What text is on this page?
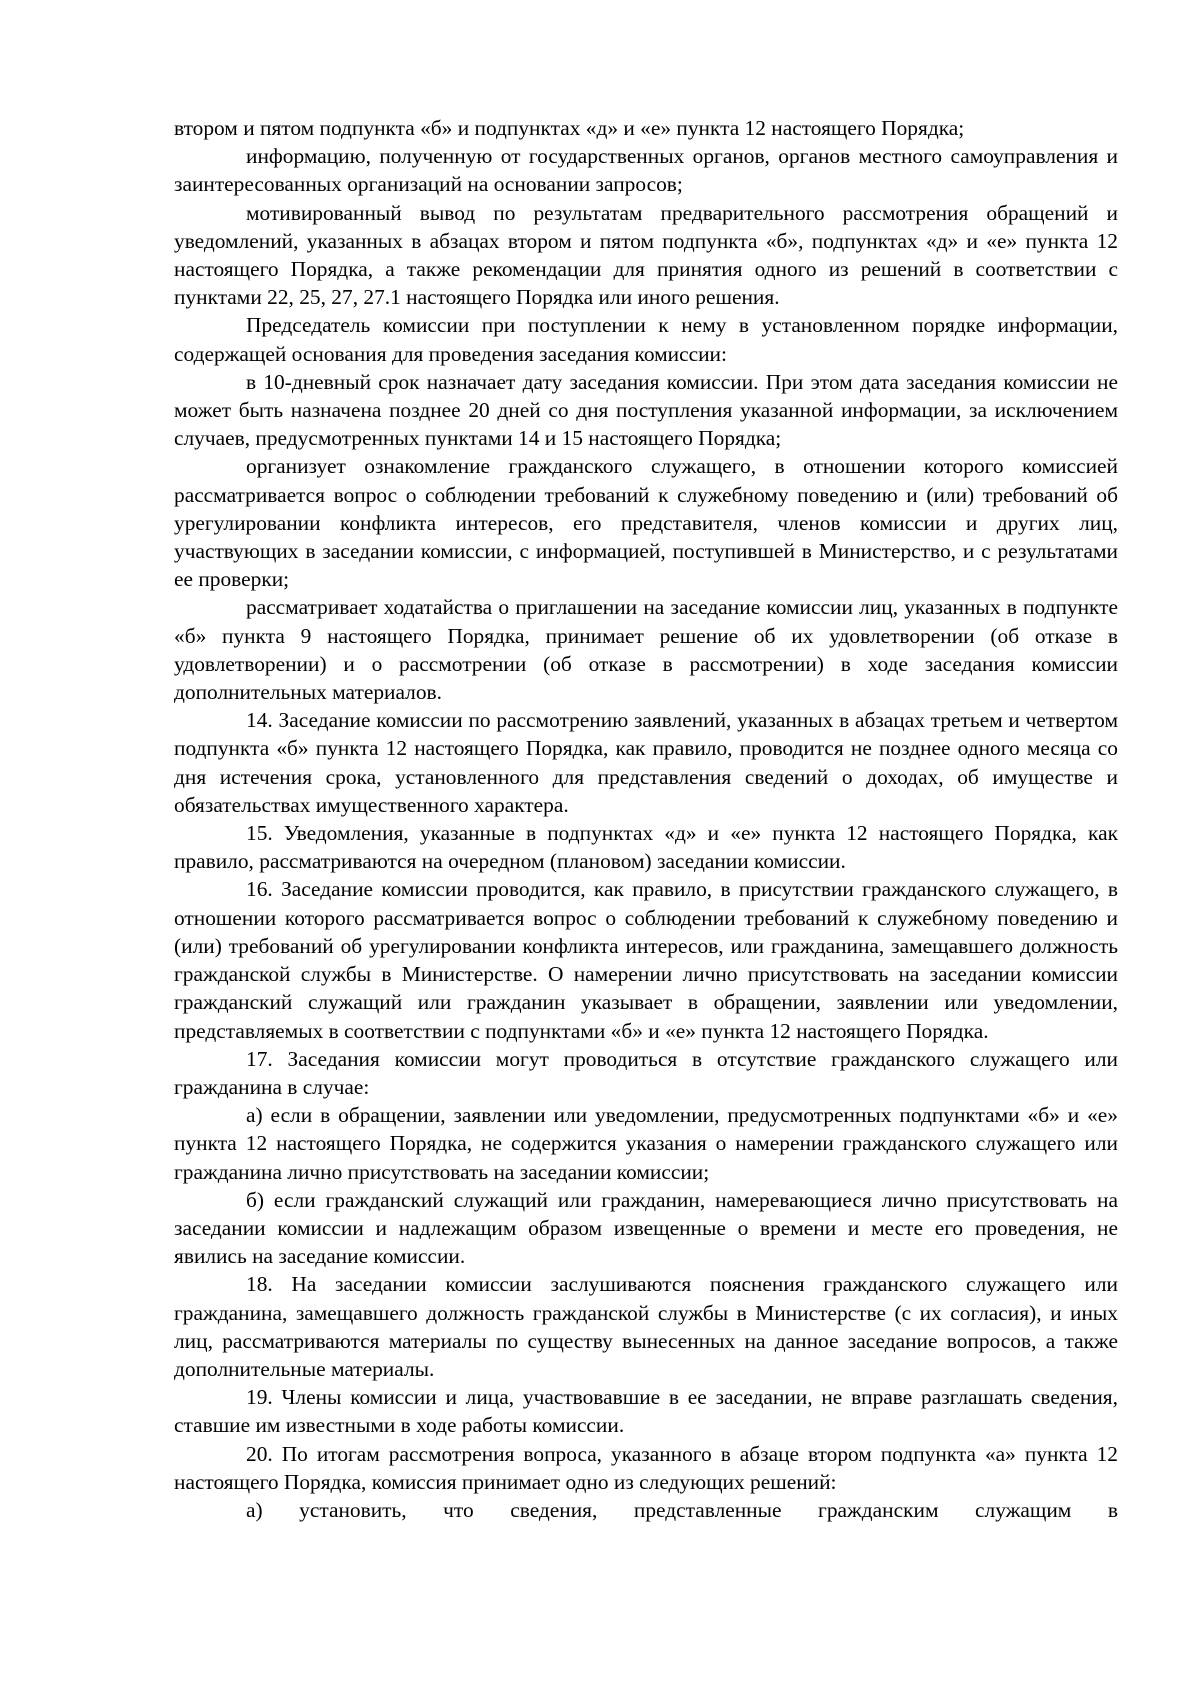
втором и пятом подпункта «б» и подпунктах «д» и «е» пункта 12 настоящего Порядка;

информацию, полученную от государственных органов, органов местного самоуправления и заинтересованных организаций на основании запросов;

мотивированный вывод по результатам предварительного рассмотрения обращений и уведомлений, указанных в абзацах втором и пятом подпункта «б», подпунктах «д» и «е» пункта 12 настоящего Порядка, а также рекомендации для принятия одного из решений в соответствии с пунктами 22, 25, 27, 27.1 настоящего Порядка или иного решения.

Председатель комиссии при поступлении к нему в установленном порядке информации, содержащей основания для проведения заседания комиссии:

в 10-дневный срок назначает дату заседания комиссии. При этом дата заседания комиссии не может быть назначена позднее 20 дней со дня поступления указанной информации, за исключением случаев, предусмотренных пунктами 14 и 15 настоящего Порядка;

организует ознакомление гражданского служащего, в отношении которого комиссией рассматривается вопрос о соблюдении требований к служебному поведению и (или) требований об урегулировании конфликта интересов, его представителя, членов комиссии и других лиц, участвующих в заседании комиссии, с информацией, поступившей в Министерство, и с результатами ее проверки;

рассматривает ходатайства о приглашении на заседание комиссии лиц, указанных в подпункте «б» пункта 9 настоящего Порядка, принимает решение об их удовлетворении (об отказе в удовлетворении) и о рассмотрении (об отказе в рассмотрении) в ходе заседания комиссии дополнительных материалов.

14. Заседание комиссии по рассмотрению заявлений, указанных в абзацах третьем и четвертом подпункта «б» пункта 12 настоящего Порядка, как правило, проводится не позднее одного месяца со дня истечения срока, установленного для представления сведений о доходах, об имуществе и обязательствах имущественного характера.

15. Уведомления, указанные в подпунктах «д» и «е» пункта 12 настоящего Порядка, как правило, рассматриваются на очередном (плановом) заседании комиссии.

16. Заседание комиссии проводится, как правило, в присутствии гражданского служащего, в отношении которого рассматривается вопрос о соблюдении требований к служебному поведению и (или) требований об урегулировании конфликта интересов, или гражданина, замещавшего должность гражданской службы в Министерстве. О намерении лично присутствовать на заседании комиссии гражданский служащий или гражданин указывает в обращении, заявлении или уведомлении, представляемых в соответствии с подпунктами «б» и «е» пункта 12 настоящего Порядка.

17. Заседания комиссии могут проводиться в отсутствие гражданского служащего или гражданина в случае:

а) если в обращении, заявлении или уведомлении, предусмотренных подпунктами «б» и «е» пункта 12 настоящего Порядка, не содержится указания о намерении гражданского служащего или гражданина лично присутствовать на заседании комиссии;

б) если гражданский служащий или гражданин, намеревающиеся лично присутствовать на заседании комиссии и надлежащим образом извещенные о времени и месте его проведения, не явились на заседание комиссии.

18. На заседании комиссии заслушиваются пояснения гражданского служащего или гражданина, замещавшего должность гражданской службы в Министерстве (с их согласия), и иных лиц, рассматриваются материалы по существу вынесенных на данное заседание вопросов, а также дополнительные материалы.

19. Члены комиссии и лица, участвовавшие в ее заседании, не вправе разглашать сведения, ставшие им известными в ходе работы комиссии.

20. По итогам рассмотрения вопроса, указанного в абзаце втором подпункта «а» пункта 12 настоящего Порядка, комиссия принимает одно из следующих решений:

а) установить, что сведения, представленные гражданским служащим в
